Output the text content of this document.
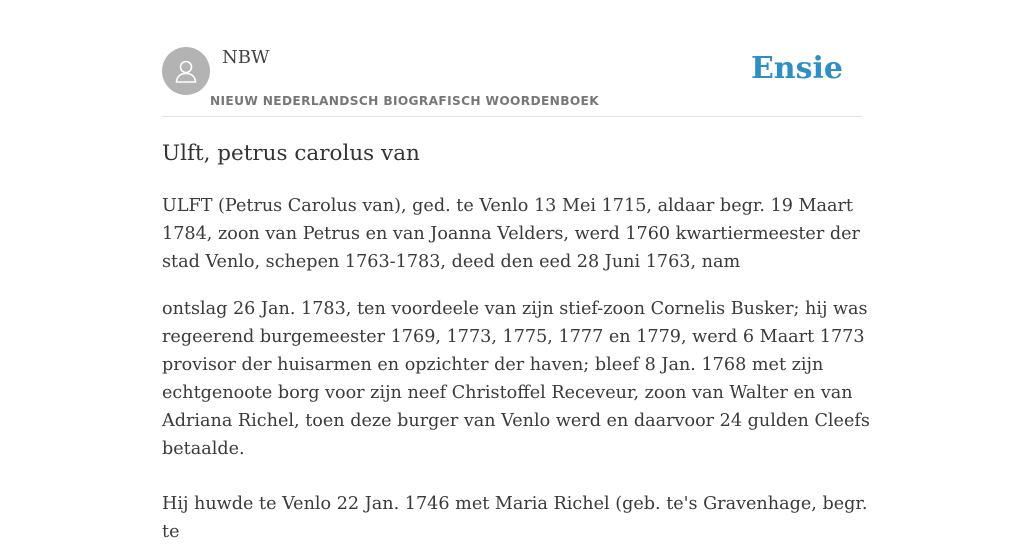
NBW
NIEUW NEDERLANDSCH BIOGRAFISCH WOORDENBOEK
Ensie
Ulft, petrus carolus van

ULFT (Petrus Carolus van), ged. te Venlo 13 Mei 1715, aldaar begr. 19 Maart 1784, zoon van Petrus en van Joanna Velders, werd 1760 kwartiermeester der stad Venlo, schepen 1763-1783, deed den eed 28 Juni 1763, nam

ontslag 26 Jan. 1783, ten voordeele van zijn stief-zoon Cornelis Busker; hij was regeerend burgemeester 1769, 1773, 1775, 1777 en 1779, werd 6 Maart 1773 provisor der huisarmen en opzichter der haven; bleef 8 Jan. 1768 met zijn echtgenoote borg voor zijn neef Christoffel Receveur, zoon van Walter en van Adriana Richel, toen deze burger van Venlo werd en daarvoor 24 gulden Cleefs betaalde.

Hij huwde te Venlo 22 Jan. 1746 met Maria Richel (geb. te's Gravenhage, begr. te
